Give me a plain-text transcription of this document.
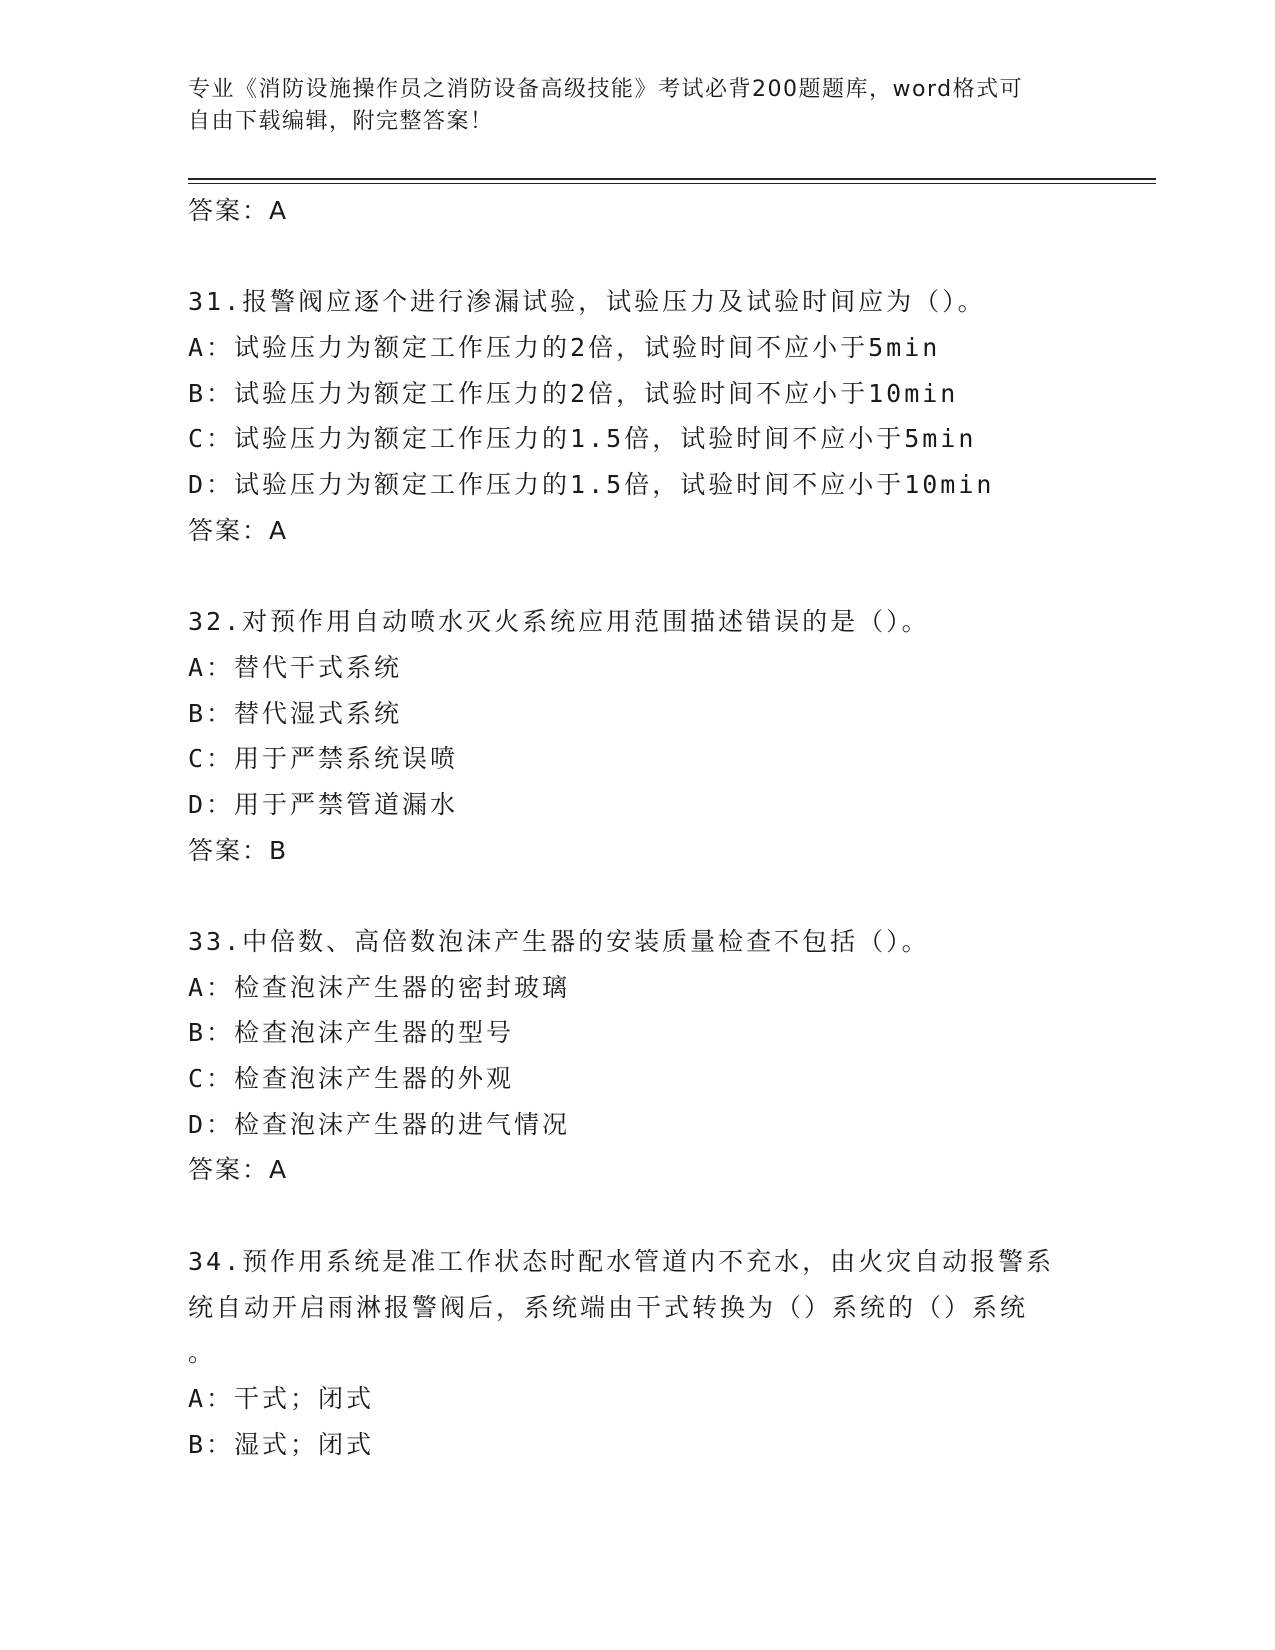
专业《消防设施操作员之消防设备高级技能》考试必背200题题库，word格式可
自由下载编辑，附完整答案！
答案：A
31.报警阀应逐个进行渗漏试验，试验压力及试验时间应为（）。
A：试验压力为额定工作压力的2倍，试验时间不应小于5min
B：试验压力为额定工作压力的2倍，试验时间不应小于10min
C：试验压力为额定工作压力的1.5倍，试验时间不应小于5min
D：试验压力为额定工作压力的1.5倍，试验时间不应小于10min
答案：A
32.对预作用自动喷水灭火系统应用范围描述错误的是（）。
A：替代干式系统
B：替代湿式系统
C：用于严禁系统误喷
D：用于严禁管道漏水
答案：B
33.中倍数、高倍数泡沫产生器的安装质量检查不包括（）。
A：检查泡沫产生器的密封玻璃
B：检查泡沫产生器的型号
C：检查泡沫产生器的外观
D：检查泡沫产生器的进气情况
答案：A
34.预作用系统是准工作状态时配水管道内不充水，由火灾自动报警系
统自动开启雨淋报警阀后，系统端由干式转换为（）系统的（）系统
。
A：干式；闭式
B：湿式；闭式
